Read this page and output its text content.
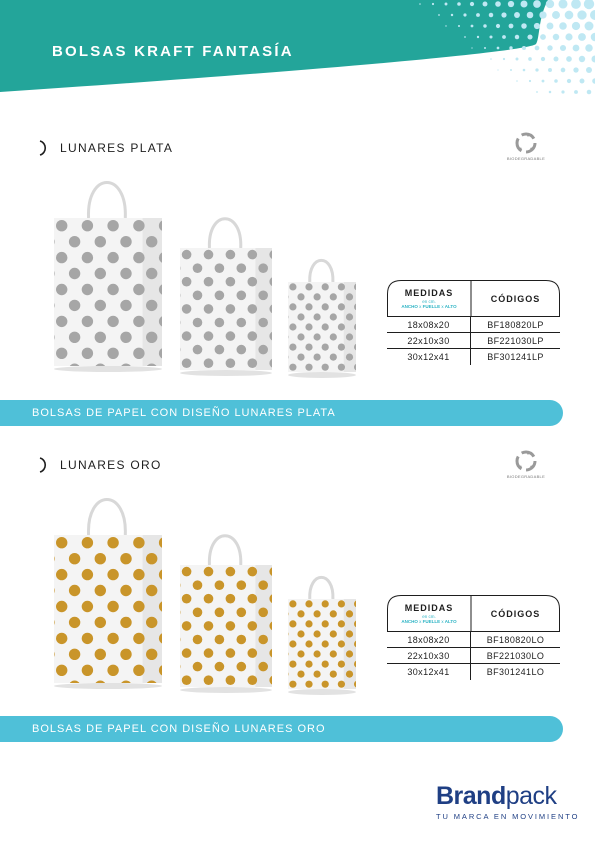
BOLSAS KRAFT FANTASÍA
LUNARES PLATA
BIODEGRADABLE
MEDIDAS
en cm.
ANCHO x FUELLE x ALTO
CÓDIGOS
18x08x20	BF180820LP
22x10x30	BF221030LP
30x12x41	BF301241LP
BOLSAS DE PAPEL CON DISEÑO LUNARES PLATA
LUNARES ORO
BIODEGRADABLE
MEDIDAS
en cm.
ANCHO x FUELLE x ALTO
CÓDIGOS
18x08x20	BF180820LO
22x10x30	BF221030LO
30x12x41	BF301241LO
BOLSAS DE PAPEL CON DISEÑO LUNARES ORO
Brandpack
TU MARCA EN MOVIMIENTO
